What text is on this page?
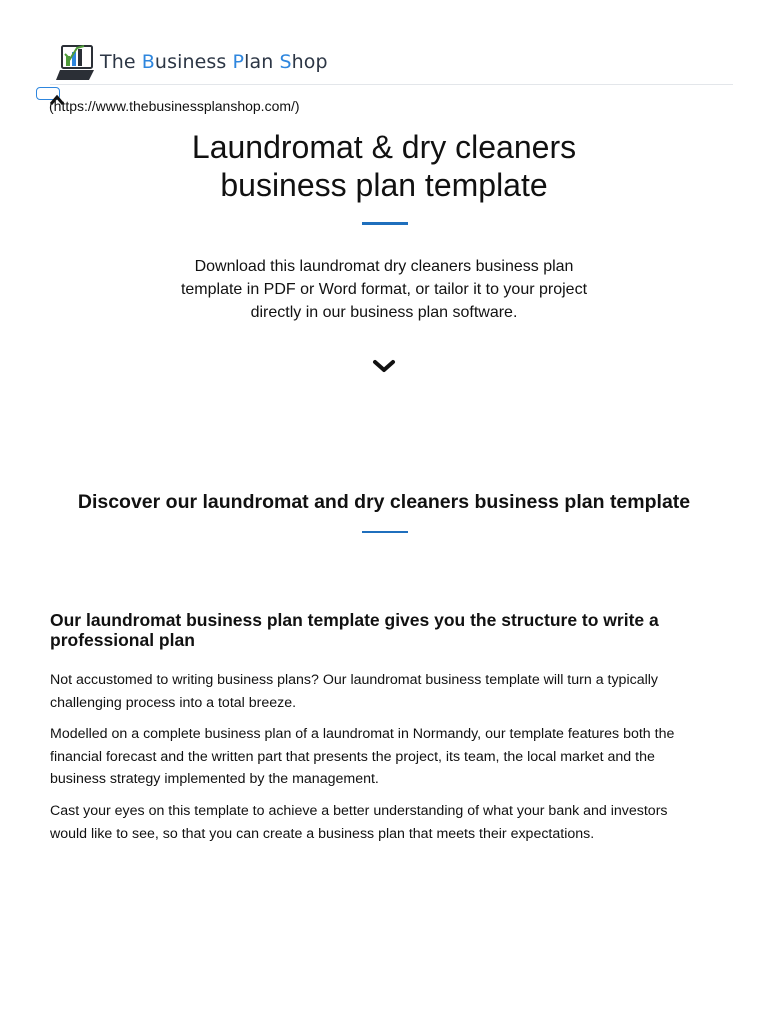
The Business Plan Shop
(https://www.thebusinessplanshop.com/)
Laundromat & dry cleaners
business plan template

Download this laundromat dry cleaners business plan
template in PDF or Word format, or tailor it to your project
directly in our business plan software.

Discover our laundromat and dry cleaners business plan template
Our laundromat business plan template gives you the structure to write a
professional plan

Not accustomed to writing business plans? Our laundromat business template will turn a typically
challenging process into a total breeze.

Modelled on a complete business plan of a laundromat in Normandy, our template features both the
financial forecast and the written part that presents the project, its team, the local market and the
business strategy implemented by the management.

Cast your eyes on this template to achieve a better understanding of what your bank and investors
would like to see, so that you can create a business plan that meets their expectations.
